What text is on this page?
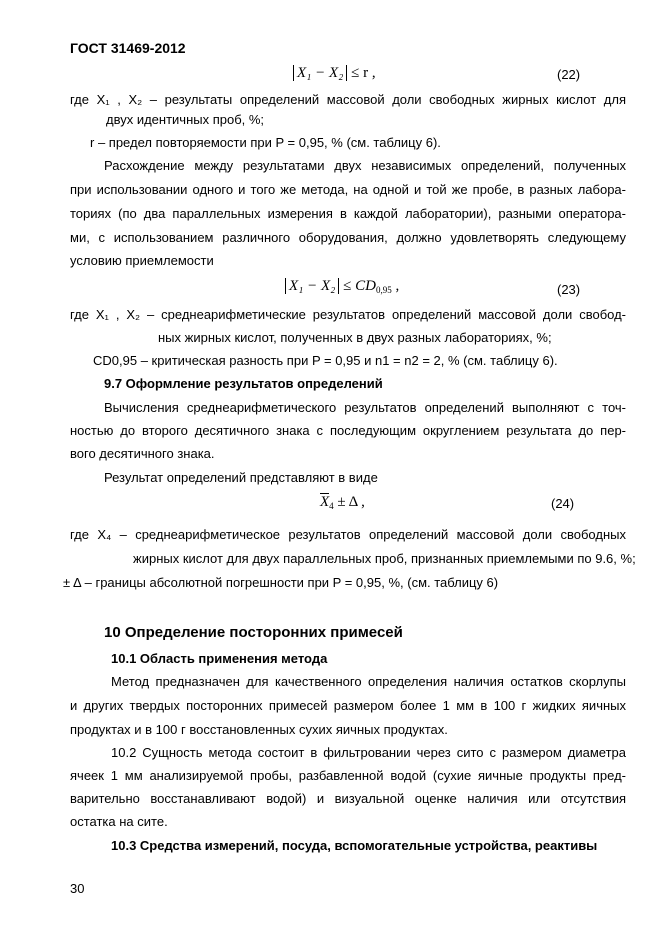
ГОСТ 31469-2012
X₁ − X₂ ≤ r ,	(22)
где X₁ , X₂ – результаты определений массовой доли свободных жирных кислот для
двух идентичных проб, %;
r – предел повторяемости при P = 0,95, % (см. таблицу 6).
Расхождение между результатами двух независимых определений, полученных
при использовании одного и того же метода, на одной и той же пробе, в разных лабора-
ториях (по два параллельных измерения в каждой лаборатории), разными оператора-
ми, с использованием различного оборудования, должно удовлетворять следующему
условию приемлемости
$X_1 - X_2 \le CD_{0,95}$ ,	(23)
где X₁ , X₂ – среднеарифметические результатов определений массовой доли свобод-
ных жирных кислот, полученных в двух разных лабораториях, %;
CD0,95 – критическая разность при P = 0,95 и n1 = n2 = 2, % (см. таблицу 6).
9.7 Оформление результатов определений
Вычисления среднеарифметического результатов определений выполняют с точ-
ностью до второго десятичного знака с последующим округлением результата до пер-
вого десятичного знака.
Результат определений представляют в виде
$X_4 \pm \Delta$ ,	(24)
где X₄ – среднеарифметическое результатов определений массовой доли свободных
жирных кислот для двух параллельных проб, признанных приемлемыми по 9.6, %;
± Δ – границы абсолютной погрешности при P = 0,95, %, (см. таблицу 6)
10 Определение посторонних примесей
10.1 Область применения метода
Метод предназначен для качественного определения наличия остатков скорлупы
и других твердых посторонних примесей размером более 1 мм в 100 г жидких яичных
продуктах и в 100 г восстановленных сухих яичных продуктах.
10.2 Сущность метода состоит в фильтровании через сито с размером диаметра
ячеек 1 мм анализируемой пробы, разбавленной водой (сухие яичные продукты пред-
варительно восстанавливают водой) и визуальной оценке наличия или отсутствия
остатка на сите.
10.3 Средства измерений, посуда, вспомогательные устройства, реактивы
30
